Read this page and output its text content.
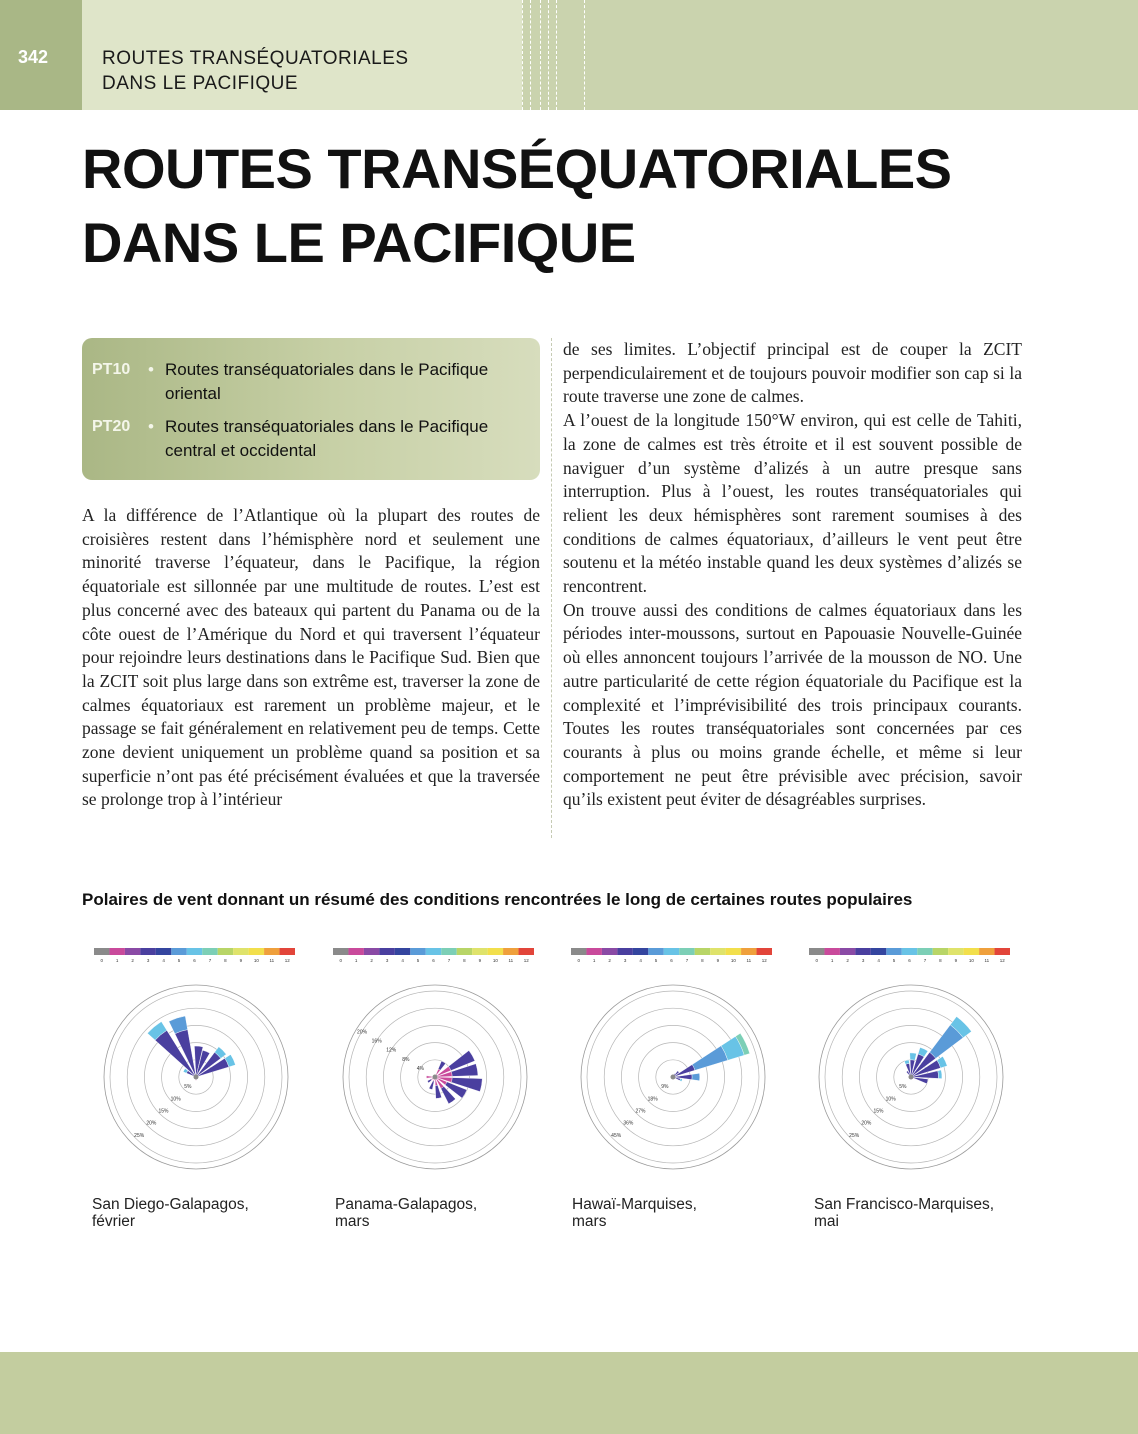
342	ROUTES TRANSÉQUATORIALES
DANS LE PACIFIQUE
ROUTES TRANSÉQUATORIALES
DANS LE PACIFIQUE
PT10 • Routes transéquatoriales dans le Pacifique oriental
PT20 • Routes transéquatoriales dans le Pacifique central et occidental

A la différence de l’Atlantique où la plupart des routes de croisières restent dans l’hémisphère nord et seulement une minorité traverse l’équateur, dans le Pacifique, la région équatoriale est sillonnée par une multitude de routes. L’est est plus concerné avec des bateaux qui partent du Panama ou de la côte ouest de l’Amérique du Nord et qui traversent l’équateur pour rejoindre leurs destinations dans le Pacifique Sud. Bien que la ZCIT soit plus large dans son extrême est, traverser la zone de calmes équatoriaux est rarement un problème majeur, et le passage se fait généralement en relativement peu de temps. Cette zone devient uniquement un problème quand sa position et sa superficie n’ont pas été précisément évaluées et que la traversée se prolonge trop à l’intérieur

de ses limites. L’objectif principal est de couper la ZCIT perpendiculairement et de toujours pouvoir modifier son cap si la route traverse une zone de calmes.

A l’ouest de la longitude 150°W environ, qui est celle de Tahiti, la zone de calmes est très étroite et il est souvent possible de naviguer d’un système d’alizés à un autre presque sans interruption. Plus à l’ouest, les routes transéquatoriales qui relient les deux hémisphères sont rarement soumises à des conditions de calmes équatoriaux, d’ailleurs le vent peut être soutenu et la météo instable quand les deux systèmes d’alizés se rencontrent.

On trouve aussi des conditions de calmes équatoriaux dans les périodes inter-moussons, surtout en Papouasie Nouvelle-Guinée où elles annoncent toujours l’arrivée de la mousson de NO. Une autre particularité de cette région équatoriale du Pacifique est la complexité et l’imprévisibilité des trois principaux courants. Toutes les routes transéquatoriales sont concernées par ces courants à plus ou moins grande échelle, et même si leur comportement ne peut être prévisible avec précision, savoir qu’ils existent peut éviter de désagréables surprises.

Polaires de vent donnant un résumé des conditions rencontrées le long de certaines routes populaires
0	1	2	3	4	5	6	7	8	9	10 11 12
5%
10%
15%
20%
25%
0	1	2	3	4	5	6	7	8	9	10 11 12
4%
8%
12%
16%
20%
0	1	2	3	4	5	6	7	8	9	10 11 12
9%
18%
27%
36%
45%
0	1	2	3	4	5	6	7	8	9	10 11 12
5%
10%
15%
20%
25%
San Diego-Galapagos,
février
Panama-Galapagos,
mars
Hawaï-Marquises,
mars
San Francisco-Marquises,
mai
